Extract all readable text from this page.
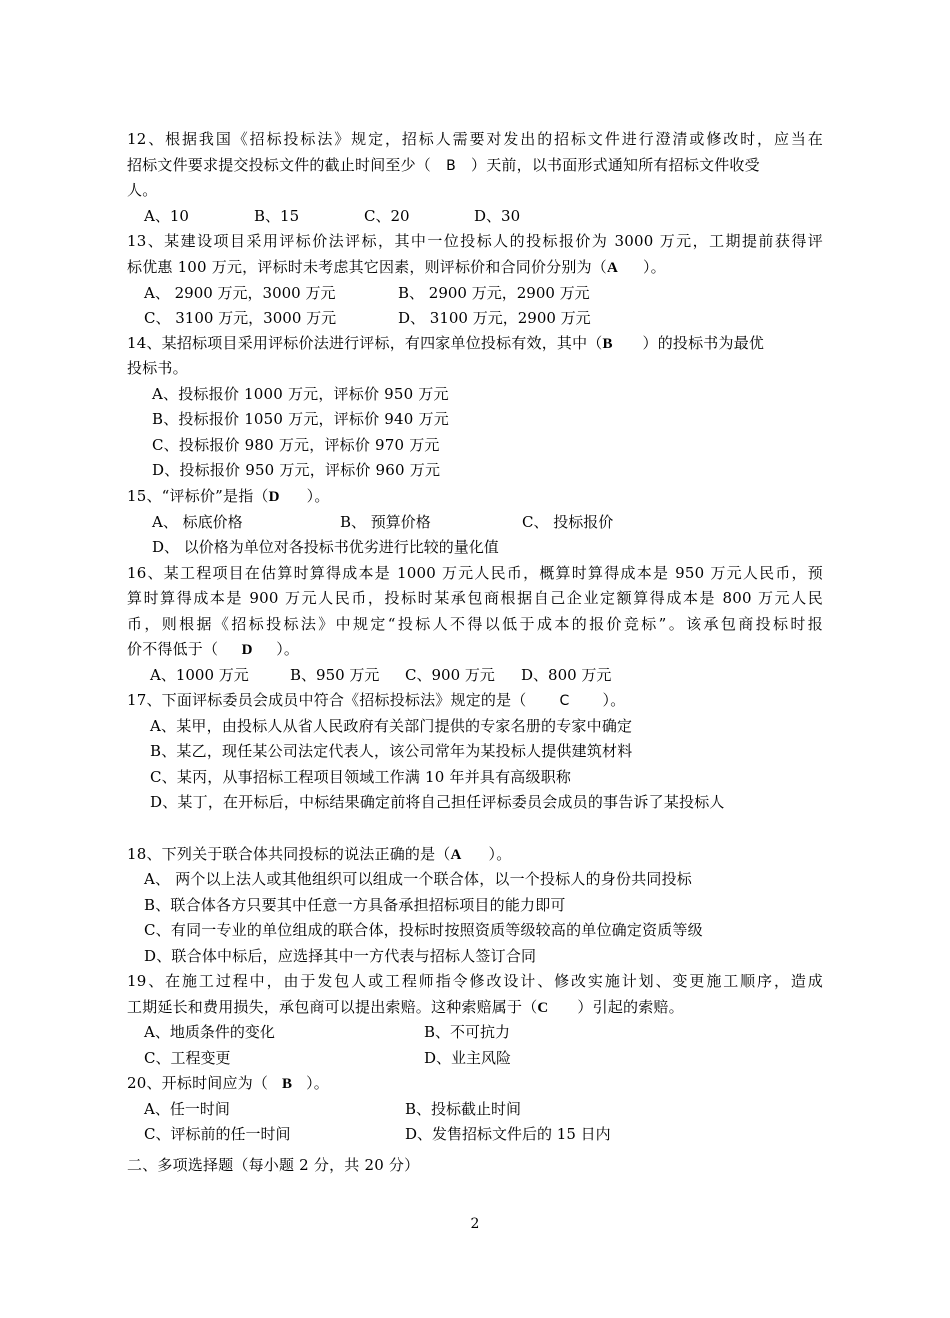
12、根据我国《招标投标法》规定，招标人需要对发出的招标文件进行澄清或修改时，应当在
招标文件要求提交投标文件的截止时间至少（ B ）天前，以书面形式通知所有招标文件收受
人。
A、10	B、15	C、20	D、30
13、某建设项目采用评标价法评标，其中一位投标人的投标报价为 3000 万元，工期提前获得评
标优惠 100 万元，评标时未考虑其它因素，则评标价和合同价分别为（A ）。
A、 2900 万元，3000 万元	B、 2900 万元，2900 万元
C、 3100 万元，3000 万元	D、 3100 万元，2900 万元
14、某招标项目采用评标价法进行评标，有四家单位投标有效，其中（B ）的投标书为最优
投标书。
A、投标报价 1000 万元，评标价 950 万元
B、投标报价 1050 万元，评标价 940 万元
C、投标报价 980 万元，评标价 970 万元
D、投标报价 950 万元，评标价 960 万元
15、“评标价”是指（D ）。
A、 标底价格	B、 预算价格	C、 投标报价
D、 以价格为单位对各投标书优劣进行比较的量化值
16、某工程项目在估算时算得成本是 1000 万元人民币，概算时算得成本是 950 万元人民币，预
算时算得成本是 900 万元人民币，投标时某承包商根据自己企业定额算得成本是 800 万元人民
币，则根据《招标投标法》中规定“投标人不得以低于成本的报价竞标”。该承包商投标时报
价不得低于（ D ）。
A、1000 万元	B、950 万元 C、900 万元 D、800 万元
17、下面评标委员会成员中符合《招标投标法》规定的是（ C ）。
A、某甲，由投标人从省人民政府有关部门提供的专家名册的专家中确定
B、某乙，现任某公司法定代表人，该公司常年为某投标人提供建筑材料
C、某丙，从事招标工程项目领域工作满 10 年并具有高级职称
D、某丁，在开标后，中标结果确定前将自己担任评标委员会成员的事告诉了某投标人
18、下列关于联合体共同投标的说法正确的是（A ）。
A、 两个以上法人或其他组织可以组成一个联合体，以一个投标人的身份共同投标
B、联合体各方只要其中任意一方具备承担招标项目的能力即可
C、有同一专业的单位组成的联合体，投标时按照资质等级较高的单位确定资质等级
D、联合体中标后，应选择其中一方代表与招标人签订合同
19、在施工过程中，由于发包人或工程师指令修改设计、修改实施计划、变更施工顺序，造成
工期延长和费用损失，承包商可以提出索赔。这种索赔属于（C ）引起的索赔。
A、地质条件的变化	B、不可抗力
C、工程变更	D、业主风险
20、开标时间应为（ B ）。
A、任一时间	B、投标截止时间
C、评标前的任一时间	D、发售招标文件后的 15 日内
二、多项选择题（每小题 2 分，共 20 分）
2
